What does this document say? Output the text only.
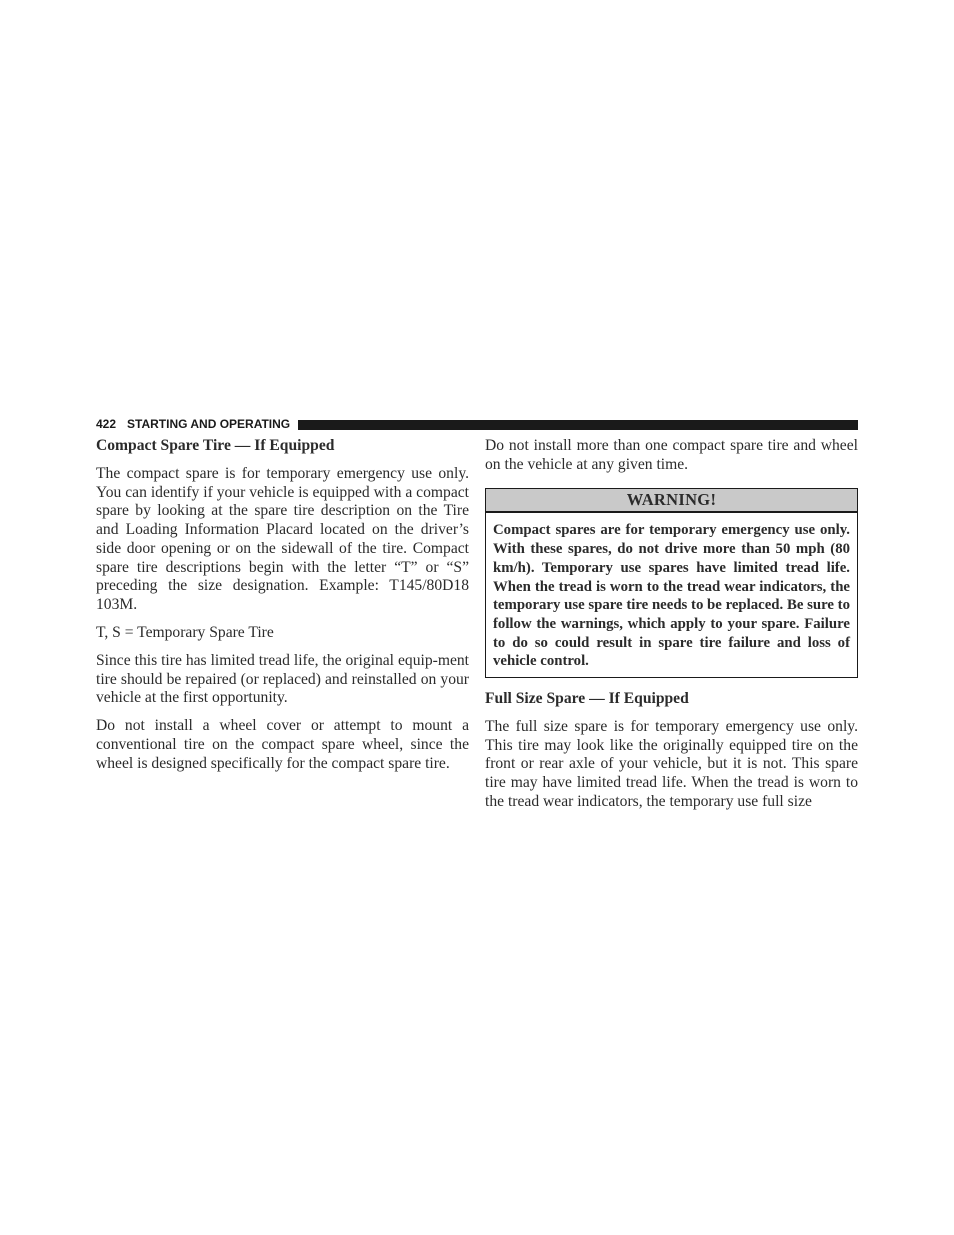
422 STARTING AND OPERATING
Compact Spare Tire — If Equipped

The compact spare is for temporary emergency use only. You can identify if your vehicle is equipped with a compact spare by looking at the spare tire description on the Tire and Loading Information Placard located on the driver’s side door opening or on the sidewall of the tire. Compact spare tire descriptions begin with the letter “T” or “S” preceding the size designation. Example: T145/​80D18 103M.

T, S = Temporary Spare Tire

Since this tire has limited tread life, the original equip-​ment tire should be repaired (or replaced) and reinstalled on your vehicle at the first opportunity.

Do not install a wheel cover or attempt to mount a conventional tire on the compact spare wheel, since the wheel is designed specifically for the compact spare tire.

Do not install more than one compact spare tire and wheel on the vehicle at any given time.

WARNING!
Compact spares are for temporary emergency use only. With these spares, do not drive more than 50 mph (80 km/h). Temporary use spares have limited tread life. When the tread is worn to the tread wear indicators, the temporary use spare tire needs to be replaced. Be sure to follow the warnings, which apply to your spare. Failure to do so could result in spare tire failure and loss of vehicle control.
Full Size Spare — If Equipped

The full size spare is for temporary emergency use only. This tire may look like the originally equipped tire on the front or rear axle of your vehicle, but it is not. This spare tire may have limited tread life. When the tread is worn to the tread wear indicators, the temporary use full size
